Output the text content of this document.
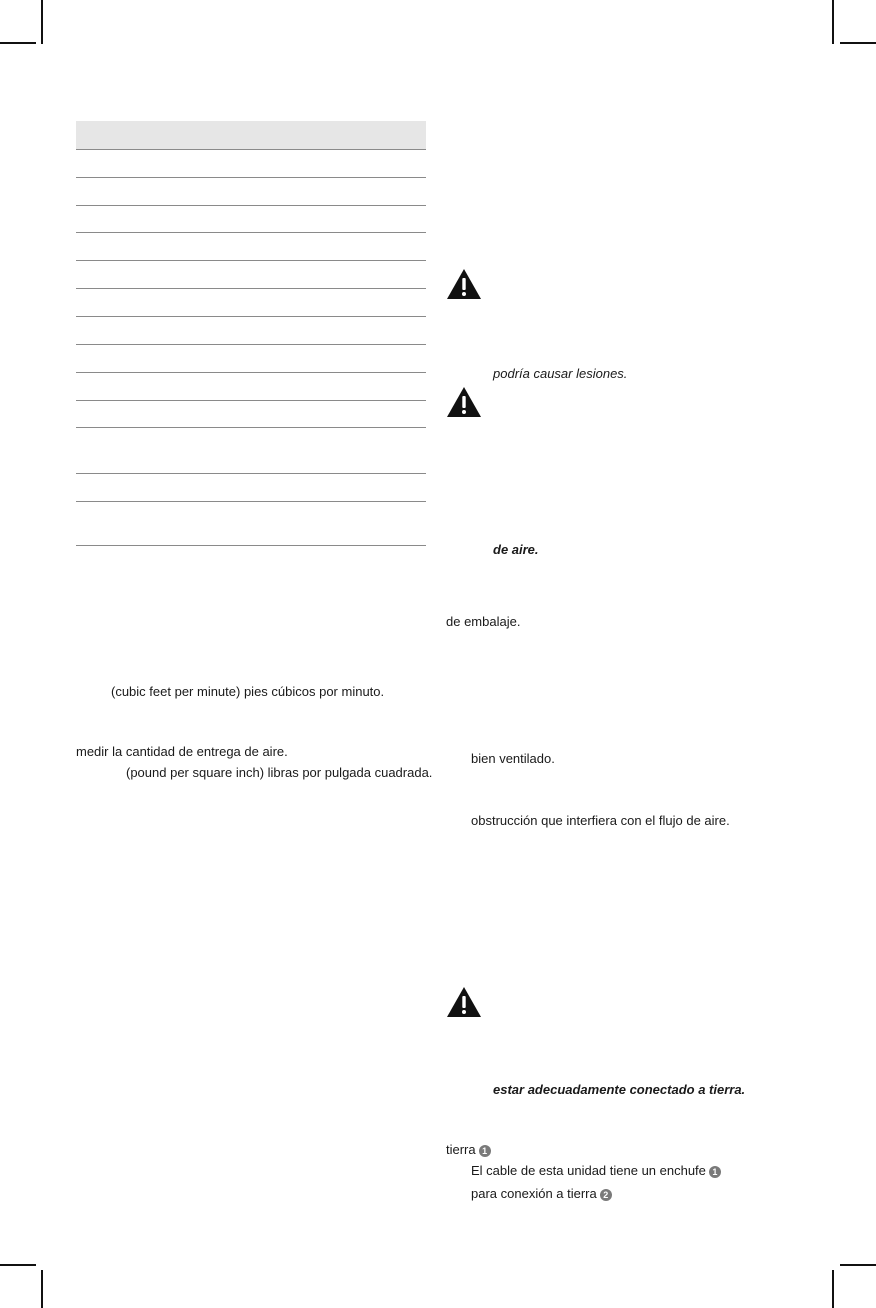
(cubic feet per minute) pies cúbicos por minuto.
medir la cantidad de entrega de aire.
(pound per square inch) libras por pulgada cuadrada.
podría causar lesiones.
de aire.
de embalaje.
bien ventilado.
obstrucción que interfiera con el flujo de aire.
estar adecuadamente conectado a tierra.
tierra 1
El cable de esta unidad tiene un enchufe 1
para conexión a tierra 2
